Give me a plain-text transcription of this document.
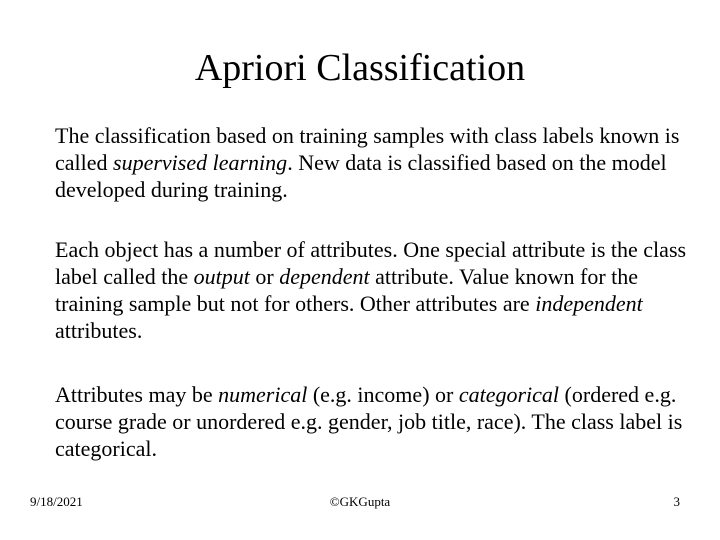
Apriori Classification

The classification based on training samples with class labels known is called supervised learning. New data is classified based on the model developed during training.

Each object has a number of attributes. One special attribute is the class label called the output or dependent attribute. Value known for the training sample but not for others. Other attributes are independent attributes.

Attributes may be numerical (e.g. income) or categorical (ordered e.g. course grade or unordered e.g. gender, job title, race). The class label is categorical.

9/18/2021	©GKGupta	3
